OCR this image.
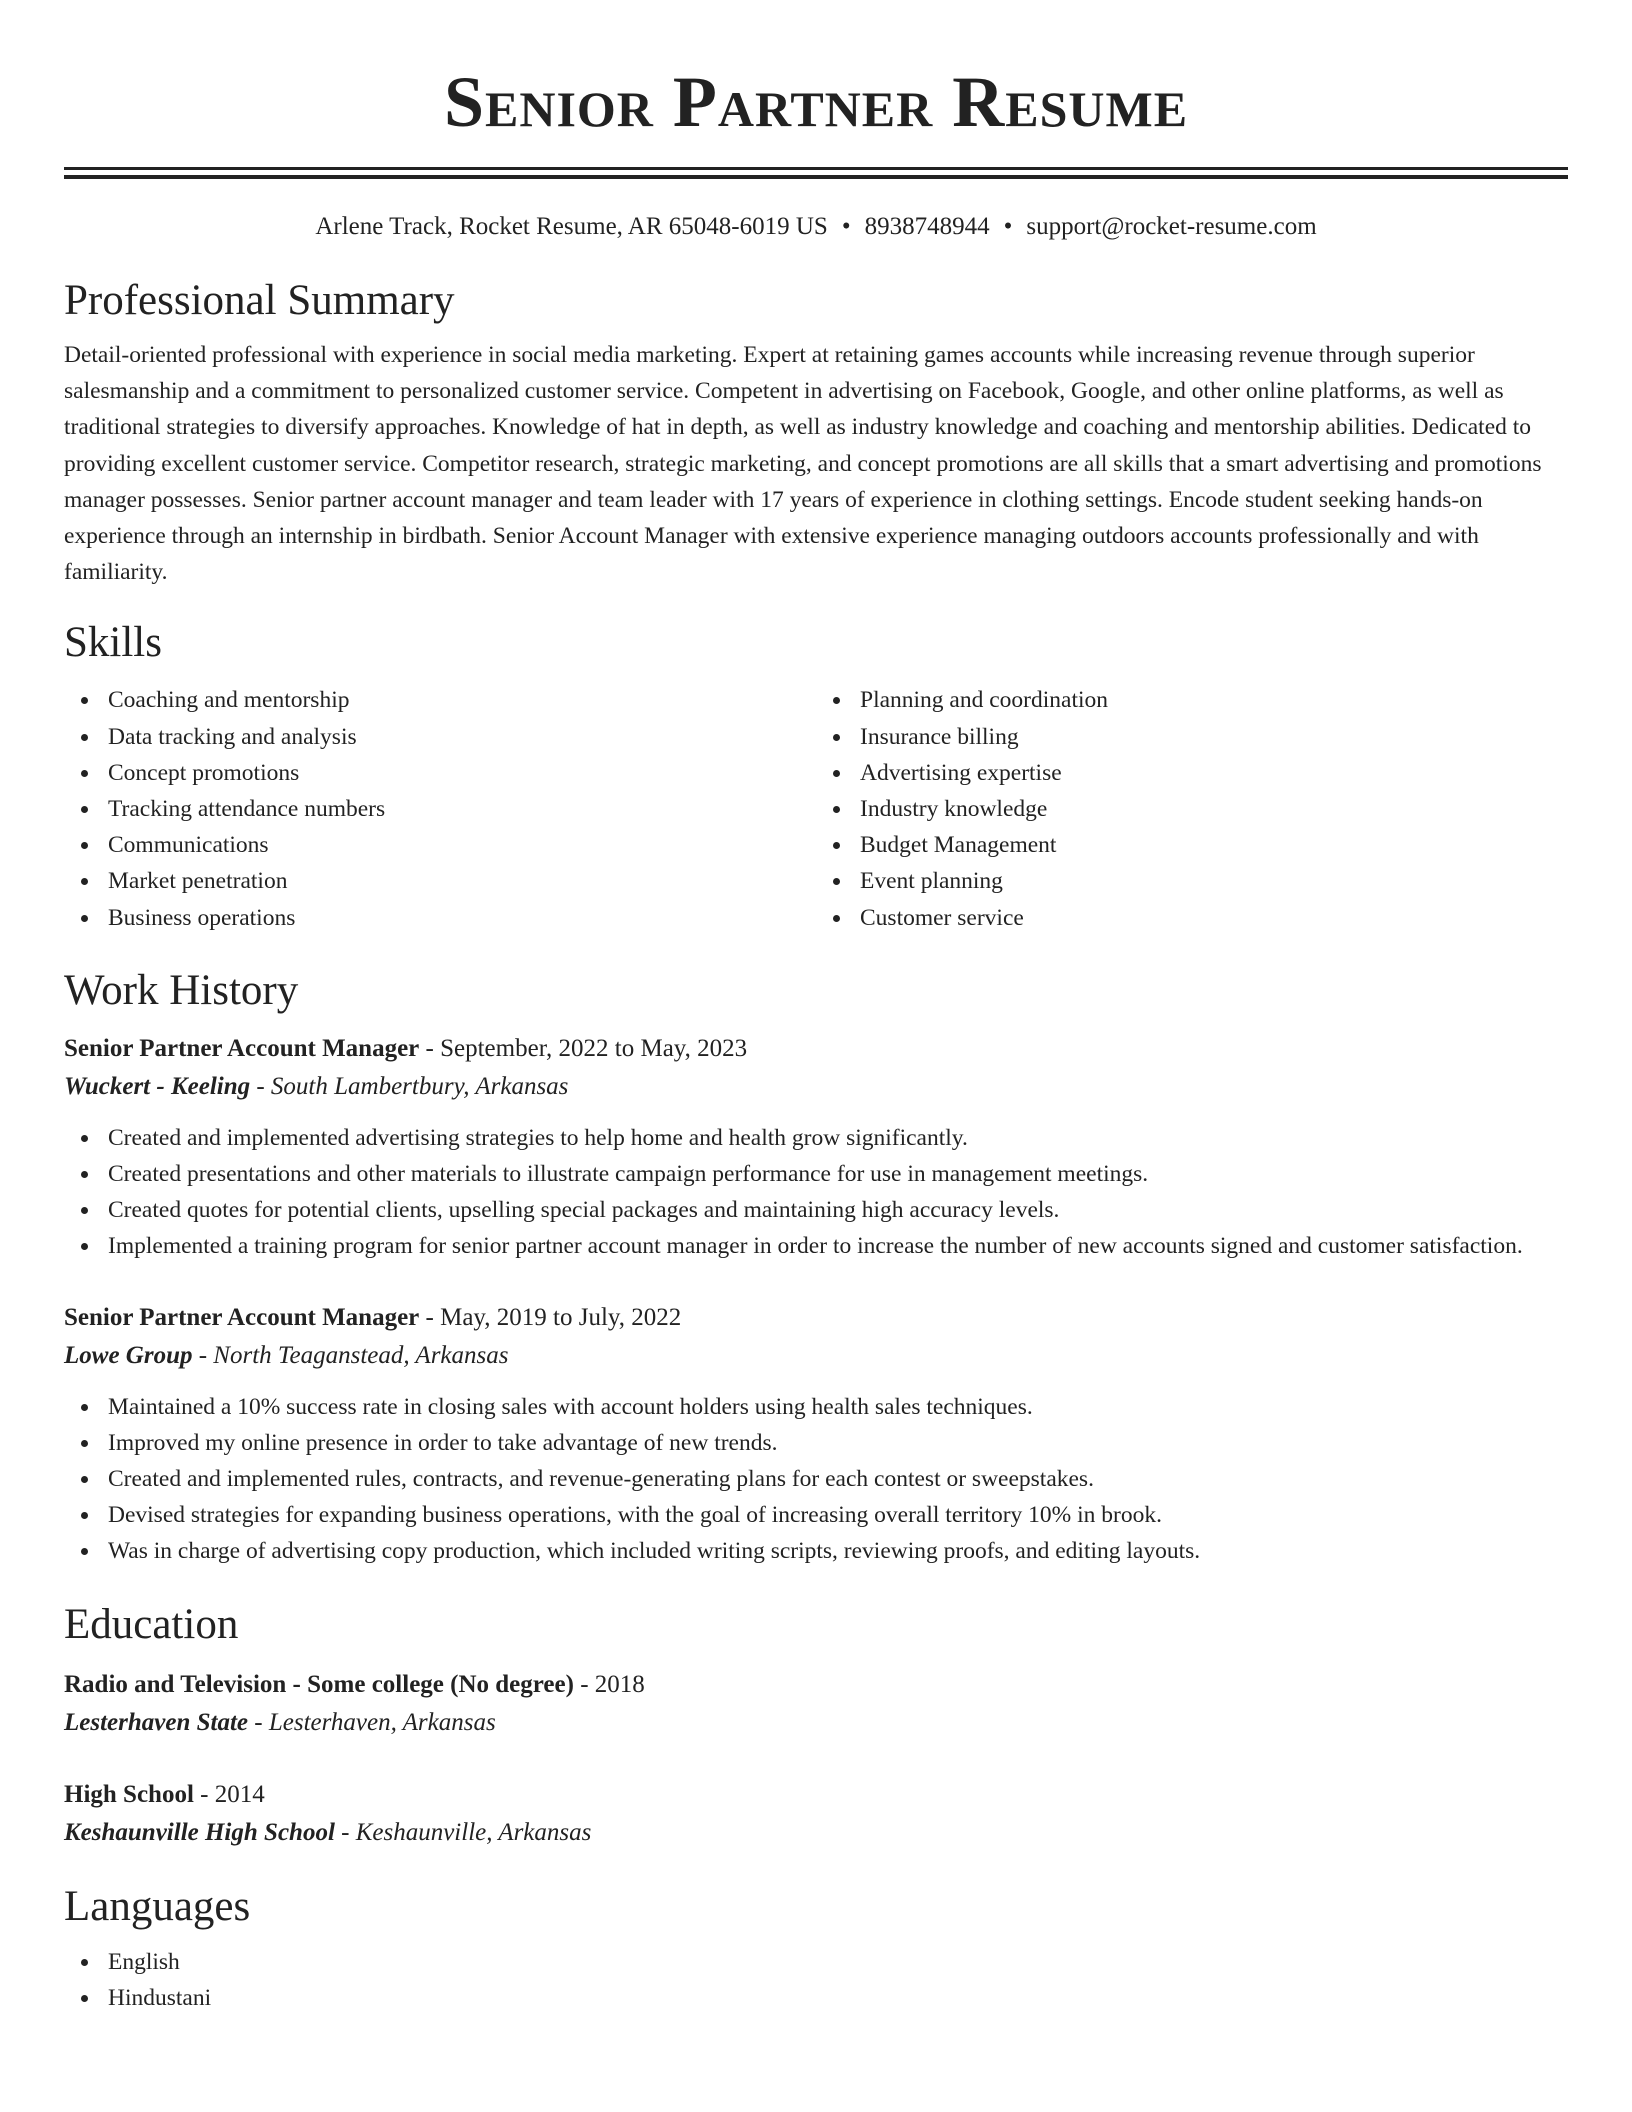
Senior Partner Resume
Arlene Track, Rocket Resume, AR 65048-6019 US • 8938748944 • support@rocket-resume.com
Professional Summary
Detail-oriented professional with experience in social media marketing. Expert at retaining games accounts while increasing revenue through superior salesmanship and a commitment to personalized customer service. Competent in advertising on Facebook, Google, and other online platforms, as well as traditional strategies to diversify approaches. Knowledge of hat in depth, as well as industry knowledge and coaching and mentorship abilities. Dedicated to providing excellent customer service. Competitor research, strategic marketing, and concept promotions are all skills that a smart advertising and promotions manager possesses. Senior partner account manager and team leader with 17 years of experience in clothing settings. Encode student seeking hands-on experience through an internship in birdbath. Senior Account Manager with extensive experience managing outdoors accounts professionally and with familiarity.
Skills
Coaching and mentorship
Data tracking and analysis
Concept promotions
Tracking attendance numbers
Communications
Market penetration
Business operations
Planning and coordination
Insurance billing
Advertising expertise
Industry knowledge
Budget Management
Event planning
Customer service
Work History
Senior Partner Account Manager - September, 2022 to May, 2023
Wuckert - Keeling - South Lambertbury, Arkansas
Created and implemented advertising strategies to help home and health grow significantly.
Created presentations and other materials to illustrate campaign performance for use in management meetings.
Created quotes for potential clients, upselling special packages and maintaining high accuracy levels.
Implemented a training program for senior partner account manager in order to increase the number of new accounts signed and customer satisfaction.
Senior Partner Account Manager - May, 2019 to July, 2022
Lowe Group - North Teaganstead, Arkansas
Maintained a 10% success rate in closing sales with account holders using health sales techniques.
Improved my online presence in order to take advantage of new trends.
Created and implemented rules, contracts, and revenue-generating plans for each contest or sweepstakes.
Devised strategies for expanding business operations, with the goal of increasing overall territory 10% in brook.
Was in charge of advertising copy production, which included writing scripts, reviewing proofs, and editing layouts.
Education
Radio and Television - Some college (No degree) - 2018
Lesterhaven State - Lesterhaven, Arkansas
High School - 2014
Keshaunville High School - Keshaunville, Arkansas
Languages
English
Hindustani
